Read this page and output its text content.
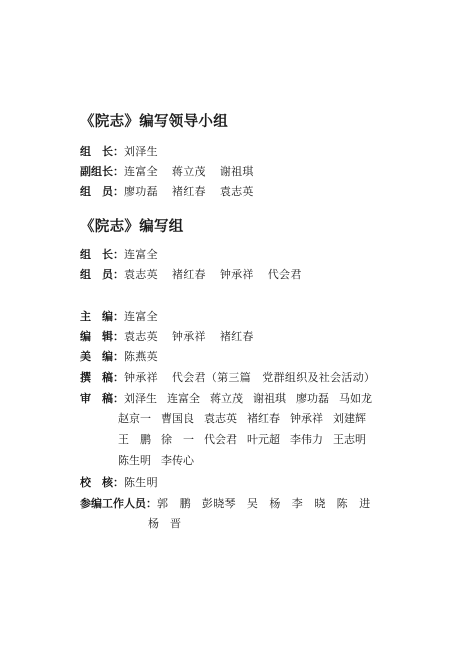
《院志》编写领导小组
组　长：刘泽生
副组长：连富全 蒋立茂 谢祖琪
组　员：廖功磊 褚红春 袁志英
《院志》编写组
组　长：连富全
组　员：袁志英 褚红春 钟承祥 代会君
主　编：连富全
编　辑：袁志英 钟承祥 褚红春
美　编：陈燕英
撰　稿：钟承祥 代会君（第三篇　党群组织及社会活动）
审　稿：刘泽生 连富全 蒋立茂 谢祖琪 廖功磊 马如龙
赵京一 曹国良 袁志英 褚红春 钟承祥 刘建辉
王　鹏 徐　一 代会君 叶元超 李伟力 王志明
陈生明 李传心
校　核：陈生明
参编工作人员：郭　鹏 彭晓琴 吴　杨 李　晓 陈　进
杨　晋
